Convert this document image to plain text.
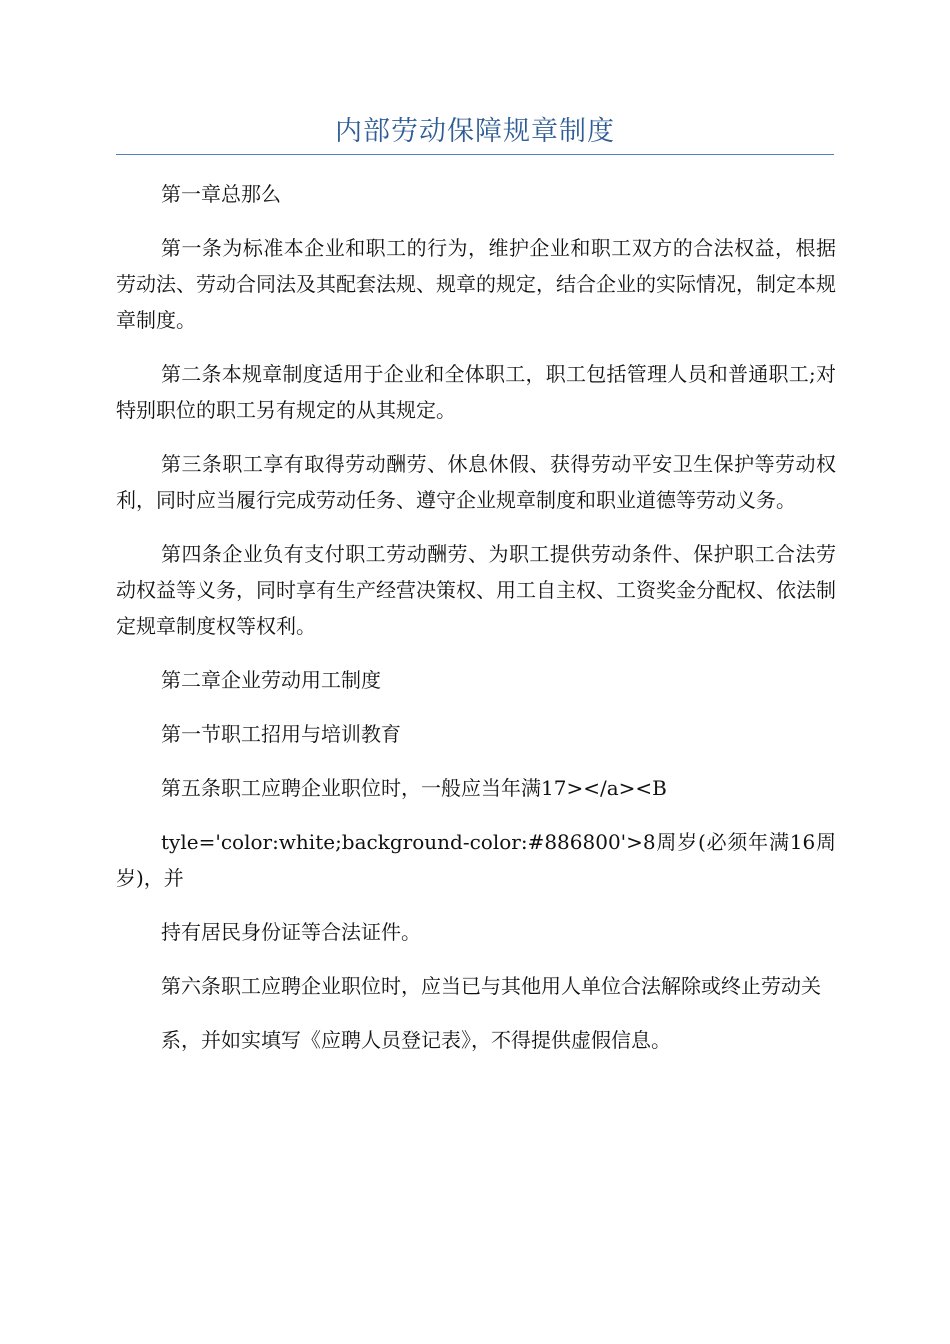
内部劳动保障规章制度

第一章总那么

第一条为标准本企业和职工的行为，维护企业和职工双方的合法权益，根据劳动法、劳动合同法及其配套法规、规章的规定，结合企业的实际情况，制定本规章制度。

第二条本规章制度适用于企业和全体职工，职工包括管理人员和普通职工;对特别职位的职工另有规定的从其规定。

第三条职工享有取得劳动酬劳、休息休假、获得劳动平安卫生保护等劳动权利，同时应当履行完成劳动任务、遵守企业规章制度和职业道德等劳动义务。

第四条企业负有支付职工劳动酬劳、为职工提供劳动条件、保护职工合法劳动权益等义务，同时享有生产经营决策权、用工自主权、工资奖金分配权、依法制定规章制度权等权利。

第二章企业劳动用工制度

第一节职工招用与培训教育

第五条职工应聘企业职位时，一般应当年满17></a><B

tyle='color:white;background-color:#886800'>8周岁(必须年满16周岁)，并

持有居民身份证等合法证件。

第六条职工应聘企业职位时，应当已与其他用人单位合法解除或终止劳动关

系，并如实填写《应聘人员登记表》，不得提供虚假信息。
